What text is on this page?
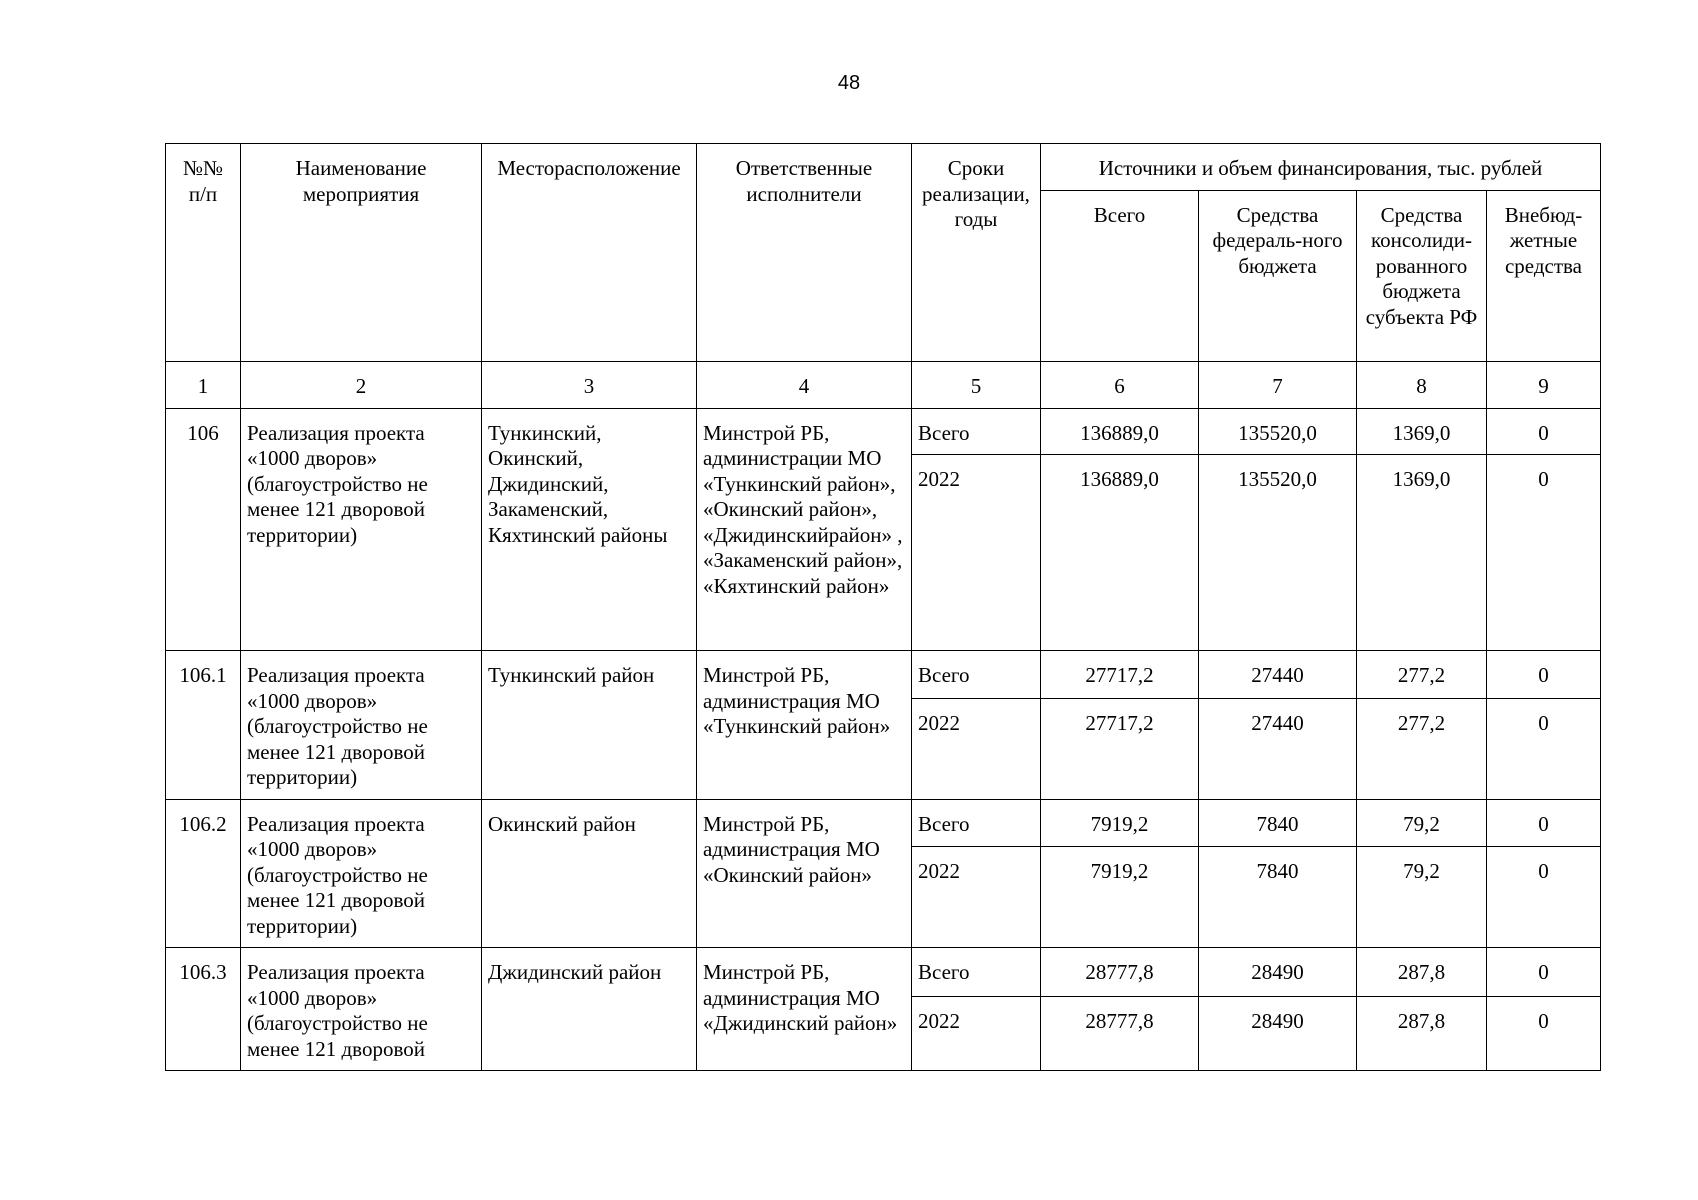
48
№№ п/п	Наименование мероприятия	Месторасположение	Ответственные исполнители	Сроки реализации, годы	Источники и объем финансирования, тыс. рублей			
					Всего	Средства федераль-ного бюджета	Средства консолиди-рованного бюджета субъекта РФ	Внебюд-жетные средства
1	2	3	4	5	6	7	8	9
106	Реализация проекта «1000 дворов» (благоустройство не менее 121 дворовой территории)	Тункинский, Окинский, Джидинский, Закаменский, Кяхтинский районы	Минстрой РБ, администрации МО «Тункинский район», «Окинский район», «Джидинскийрайон» , «Закаменский район», «Кяхтинский район»	Всего	136889,0	135520,0	1369,0	0
				2022	136889,0	135520,0	1369,0	0
106.1	Реализация проекта «1000 дворов» (благоустройство не менее 121 дворовой территории)	Тункинский район	Минстрой РБ, администрация МО «Тункинский район»	Всего	27717,2	27440	277,2	0
				2022	27717,2	27440	277,2	0
106.2	Реализация проекта «1000 дворов» (благоустройство не менее 121 дворовой территории)	Окинский район	Минстрой РБ, администрация МО «Окинский район»	Всего	7919,2	7840	79,2	0
				2022	7919,2	7840	79,2	0
106.3	Реализация проекта «1000 дворов» (благоустройство не менее 121 дворовой	Джидинский район	Минстрой РБ, администрация МО «Джидинский район»	Всего	28777,8	28490	287,8	0
				2022	28777,8	28490	287,8	0
